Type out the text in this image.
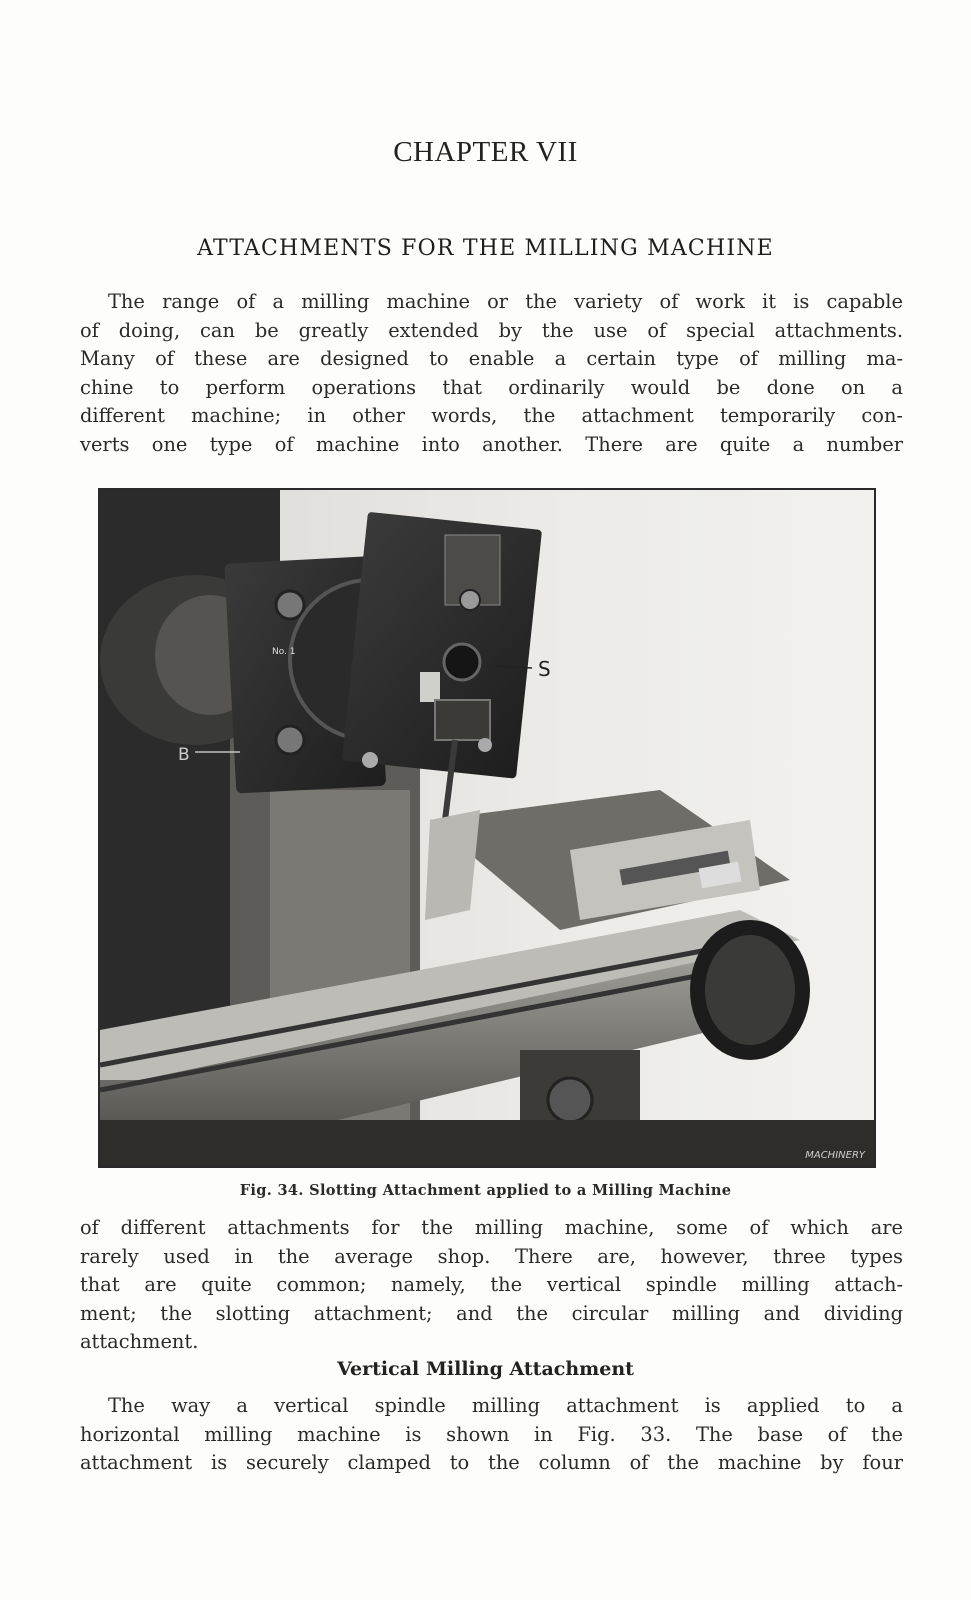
CHAPTER VII
ATTACHMENTS FOR THE MILLING MACHINE
The range of a milling machine or the variety of work it is capable
of doing, can be greatly extended by the use of special attachments.
Many of these are designed to enable a certain type of milling ma-
chine to perform operations that ordinarily would be done on a
different machine; in other words, the attachment temporarily con-
verts one type of machine into another. There are quite a number
S
B
No. 1
MACHINERY
Fig. 34. Slotting Attachment applied to a Milling Machine
of different attachments for the milling machine, some of which are
rarely used in the average shop. There are, however, three types
that are quite common; namely, the vertical spindle milling attach-
ment; the slotting attachment; and the circular milling and dividing
attachment.
Vertical Milling Attachment
The way a vertical spindle milling attachment is applied to a
horizontal milling machine is shown in Fig. 33. The base of the
attachment is securely clamped to the column of the machine by four
